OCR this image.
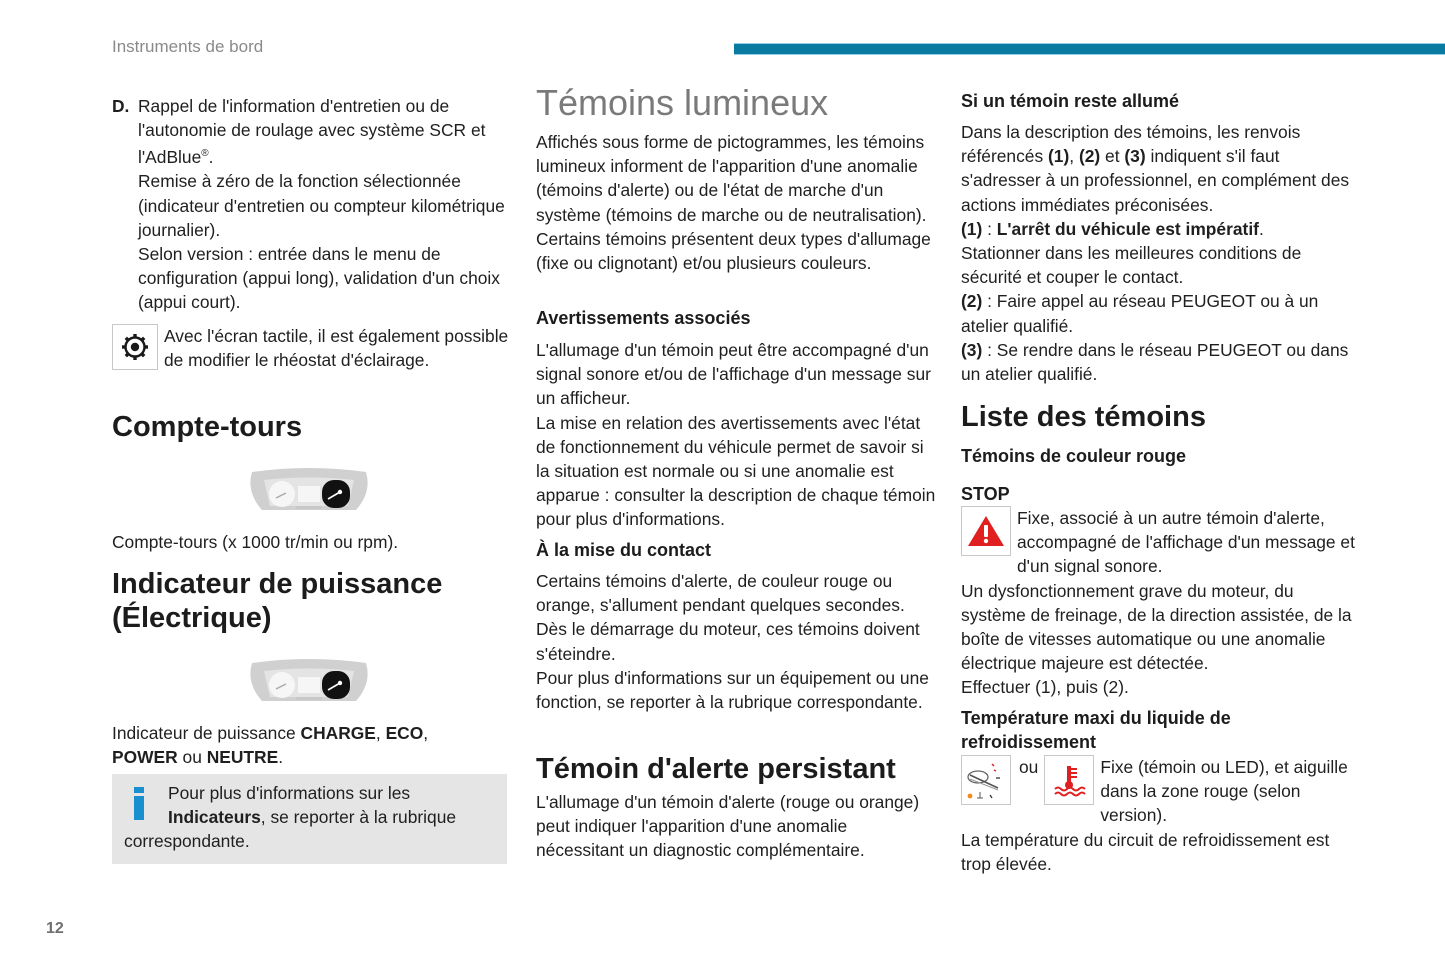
Instruments de bord
12
D. Rappel de l'information d'entretien ou de l'autonomie de roulage avec système SCR et l'AdBlue®.

Remise à zéro de la fonction sélectionnée (indicateur d'entretien ou compteur kilométrique journalier).

Selon version : entrée dans le menu de configuration (appui long), validation d'un choix (appui court).

Avec l'écran tactile, il est également possible de modifier le rhéostat d'éclairage.

Compte-tours

Compte-tours (x 1000 tr/min ou rpm).

Indicateur de puissance (Électrique)

Indicateur de puissance CHARGE, ECO,
POWER ou NEUTRE.

Pour plus d'informations sur les Indicateurs, se reporter à la rubrique correspondante.

Témoins lumineux

Affichés sous forme de pictogrammes, les témoins lumineux informent de l'apparition d'une anomalie (témoins d'alerte) ou de l'état de marche d'un système (témoins de marche ou de neutralisation). Certains témoins présentent deux types d'allumage (fixe ou clignotant) et/ou plusieurs couleurs.

Avertissements associés

L'allumage d'un témoin peut être accompagné d'un signal sonore et/ou de l'affichage d'un message sur un afficheur.

La mise en relation des avertissements avec l'état de fonctionnement du véhicule permet de savoir si la situation est normale ou si une anomalie est apparue : consulter la description de chaque témoin pour plus d'informations.

À la mise du contact

Certains témoins d'alerte, de couleur rouge ou orange, s'allument pendant quelques secondes.

Dès le démarrage du moteur, ces témoins doivent s'éteindre.

Pour plus d'informations sur un équipement ou une fonction, se reporter à la rubrique correspondante.

Témoin d'alerte persistant

L'allumage d'un témoin d'alerte (rouge ou orange) peut indiquer l'apparition d'une anomalie nécessitant un diagnostic complémentaire.

Si un témoin reste allumé

Dans la description des témoins, les renvois référencés (1), (2) et (3) indiquent s'il faut s'adresser à un professionnel, en complément des actions immédiates préconisées.

(1) : L'arrêt du véhicule est impératif.

Stationner dans les meilleures conditions de sécurité et couper le contact.

(2) : Faire appel au réseau PEUGEOT ou à un atelier qualifié.

(3) : Se rendre dans le réseau PEUGEOT ou dans un atelier qualifié.

Liste des témoins
Témoins de couleur rouge
STOP

Fixe, associé à un autre témoin d'alerte, accompagné de l'affichage d'un message et d'un signal sonore.

Un dysfonctionnement grave du moteur, du système de freinage, de la direction assistée, de la boîte de vitesses automatique ou une anomalie électrique majeure est détectée.

Effectuer (1), puis (2).

Température maxi du liquide de refroidissement
ou	Fixe (témoin ou LED), et aiguille dans la zone rouge (selon version).

La température du circuit de refroidissement est trop élevée.
